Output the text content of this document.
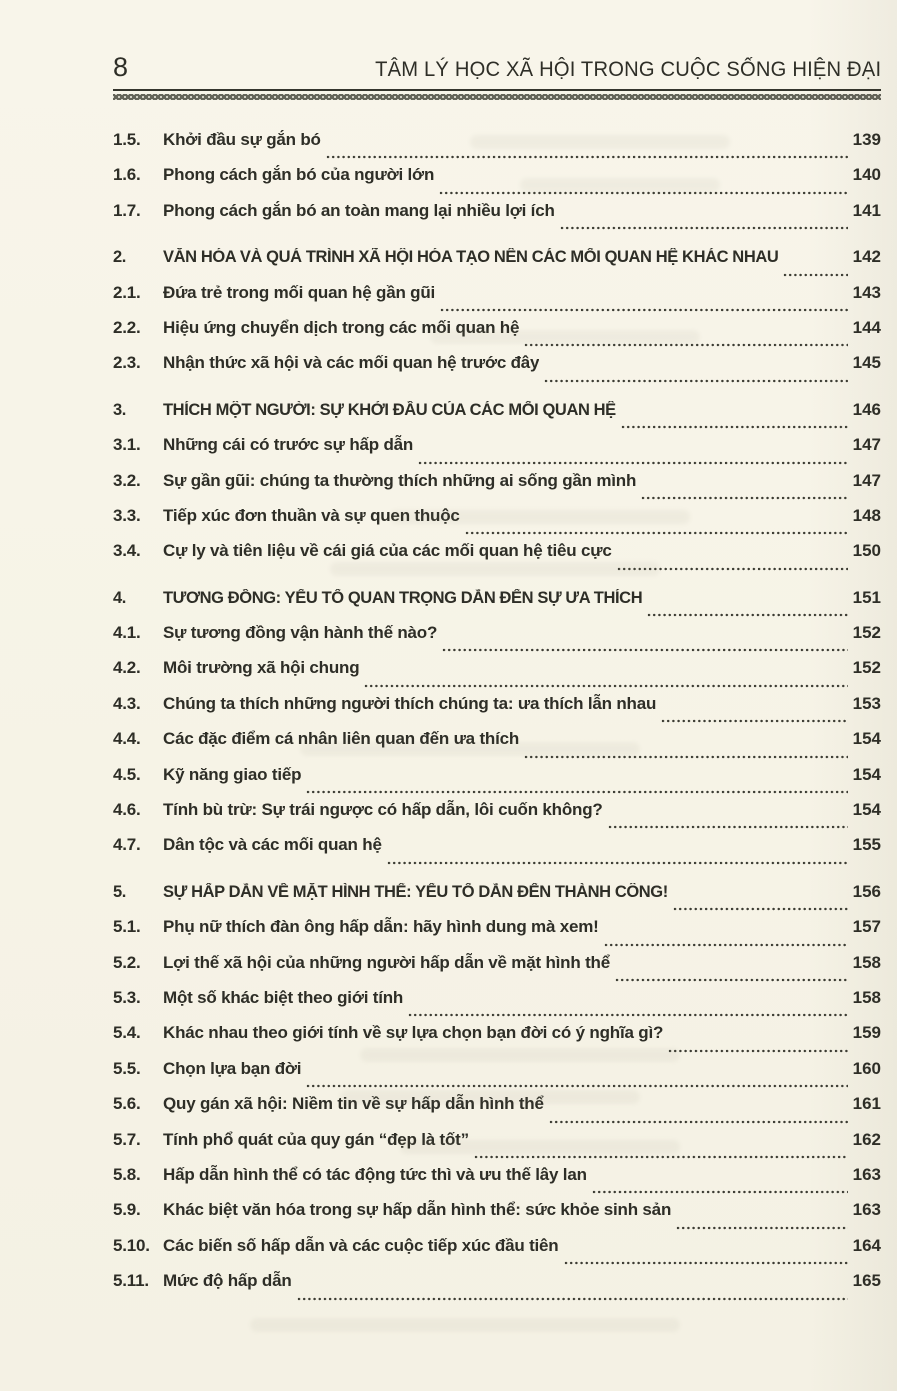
8	TÂM LÝ HỌC XÃ HỘI TRONG CUỘC SỐNG HIỆN ĐẠI
1.5.	Khởi đầu sự gắn bó	139
1.6.	Phong cách gắn bó của người lớn	140
1.7.	Phong cách gắn bó an toàn mang lại nhiều lợi ích	141
2.	VĂN HÓA VÀ QUÁ TRÌNH XÃ HỘI HÓA TẠO NÊN CÁC MỐI QUAN HỆ KHÁC NHAU	142
2.1.	Đứa trẻ trong mối quan hệ gần gũi	143
2.2.	Hiệu ứng chuyển dịch trong các mối quan hệ	144
2.3.	Nhận thức xã hội và các mối quan hệ trước đây	145
3.	THÍCH MỘT NGƯỜI: SỰ KHỞI ĐẦU CỦA CÁC MỐI QUAN HỆ	146
3.1.	Những cái có trước sự hấp dẫn	147
3.2.	Sự gần gũi: chúng ta thường thích những ai sống gần mình	147
3.3.	Tiếp xúc đơn thuần và sự quen thuộc	148
3.4.	Cự ly và tiên liệu về cái giá của các mối quan hệ tiêu cực	150
4.	TƯƠNG ĐỒNG: YẾU TỐ QUAN TRỌNG DẪN ĐẾN SỰ ƯA THÍCH	151
4.1.	Sự tương đồng vận hành thế nào?	152
4.2.	Môi trường xã hội chung	152
4.3.	Chúng ta thích những người thích chúng ta: ưa thích lẫn nhau	153
4.4.	Các đặc điểm cá nhân liên quan đến ưa thích	154
4.5.	Kỹ năng giao tiếp	154
4.6.	Tính bù trừ: Sự trái ngược có hấp dẫn, lôi cuốn không?	154
4.7.	Dân tộc và các mối quan hệ	155
5.	SỰ HẤP DẪN VỀ MẶT HÌNH THỂ: YẾU TỐ DẪN ĐẾN THÀNH CÔNG!	156
5.1.	Phụ nữ thích đàn ông hấp dẫn: hãy hình dung mà xem!	157
5.2.	Lợi thế xã hội của những người hấp dẫn về mặt hình thể	158
5.3.	Một số khác biệt theo giới tính	158
5.4.	Khác nhau theo giới tính về sự lựa chọn bạn đời có ý nghĩa gì?	159
5.5.	Chọn lựa bạn đời	160
5.6.	Quy gán xã hội: Niềm tin về sự hấp dẫn hình thể	161
5.7.	Tính phổ quát của quy gán “đẹp là tốt”	162
5.8.	Hấp dẫn hình thể có tác động tức thì và ưu thế lây lan	163
5.9.	Khác biệt văn hóa trong sự hấp dẫn hình thể: sức khỏe sinh sản	163
5.10. Các biến số hấp dẫn và các cuộc tiếp xúc đầu tiên	164
5.11. Mức độ hấp dẫn	165
